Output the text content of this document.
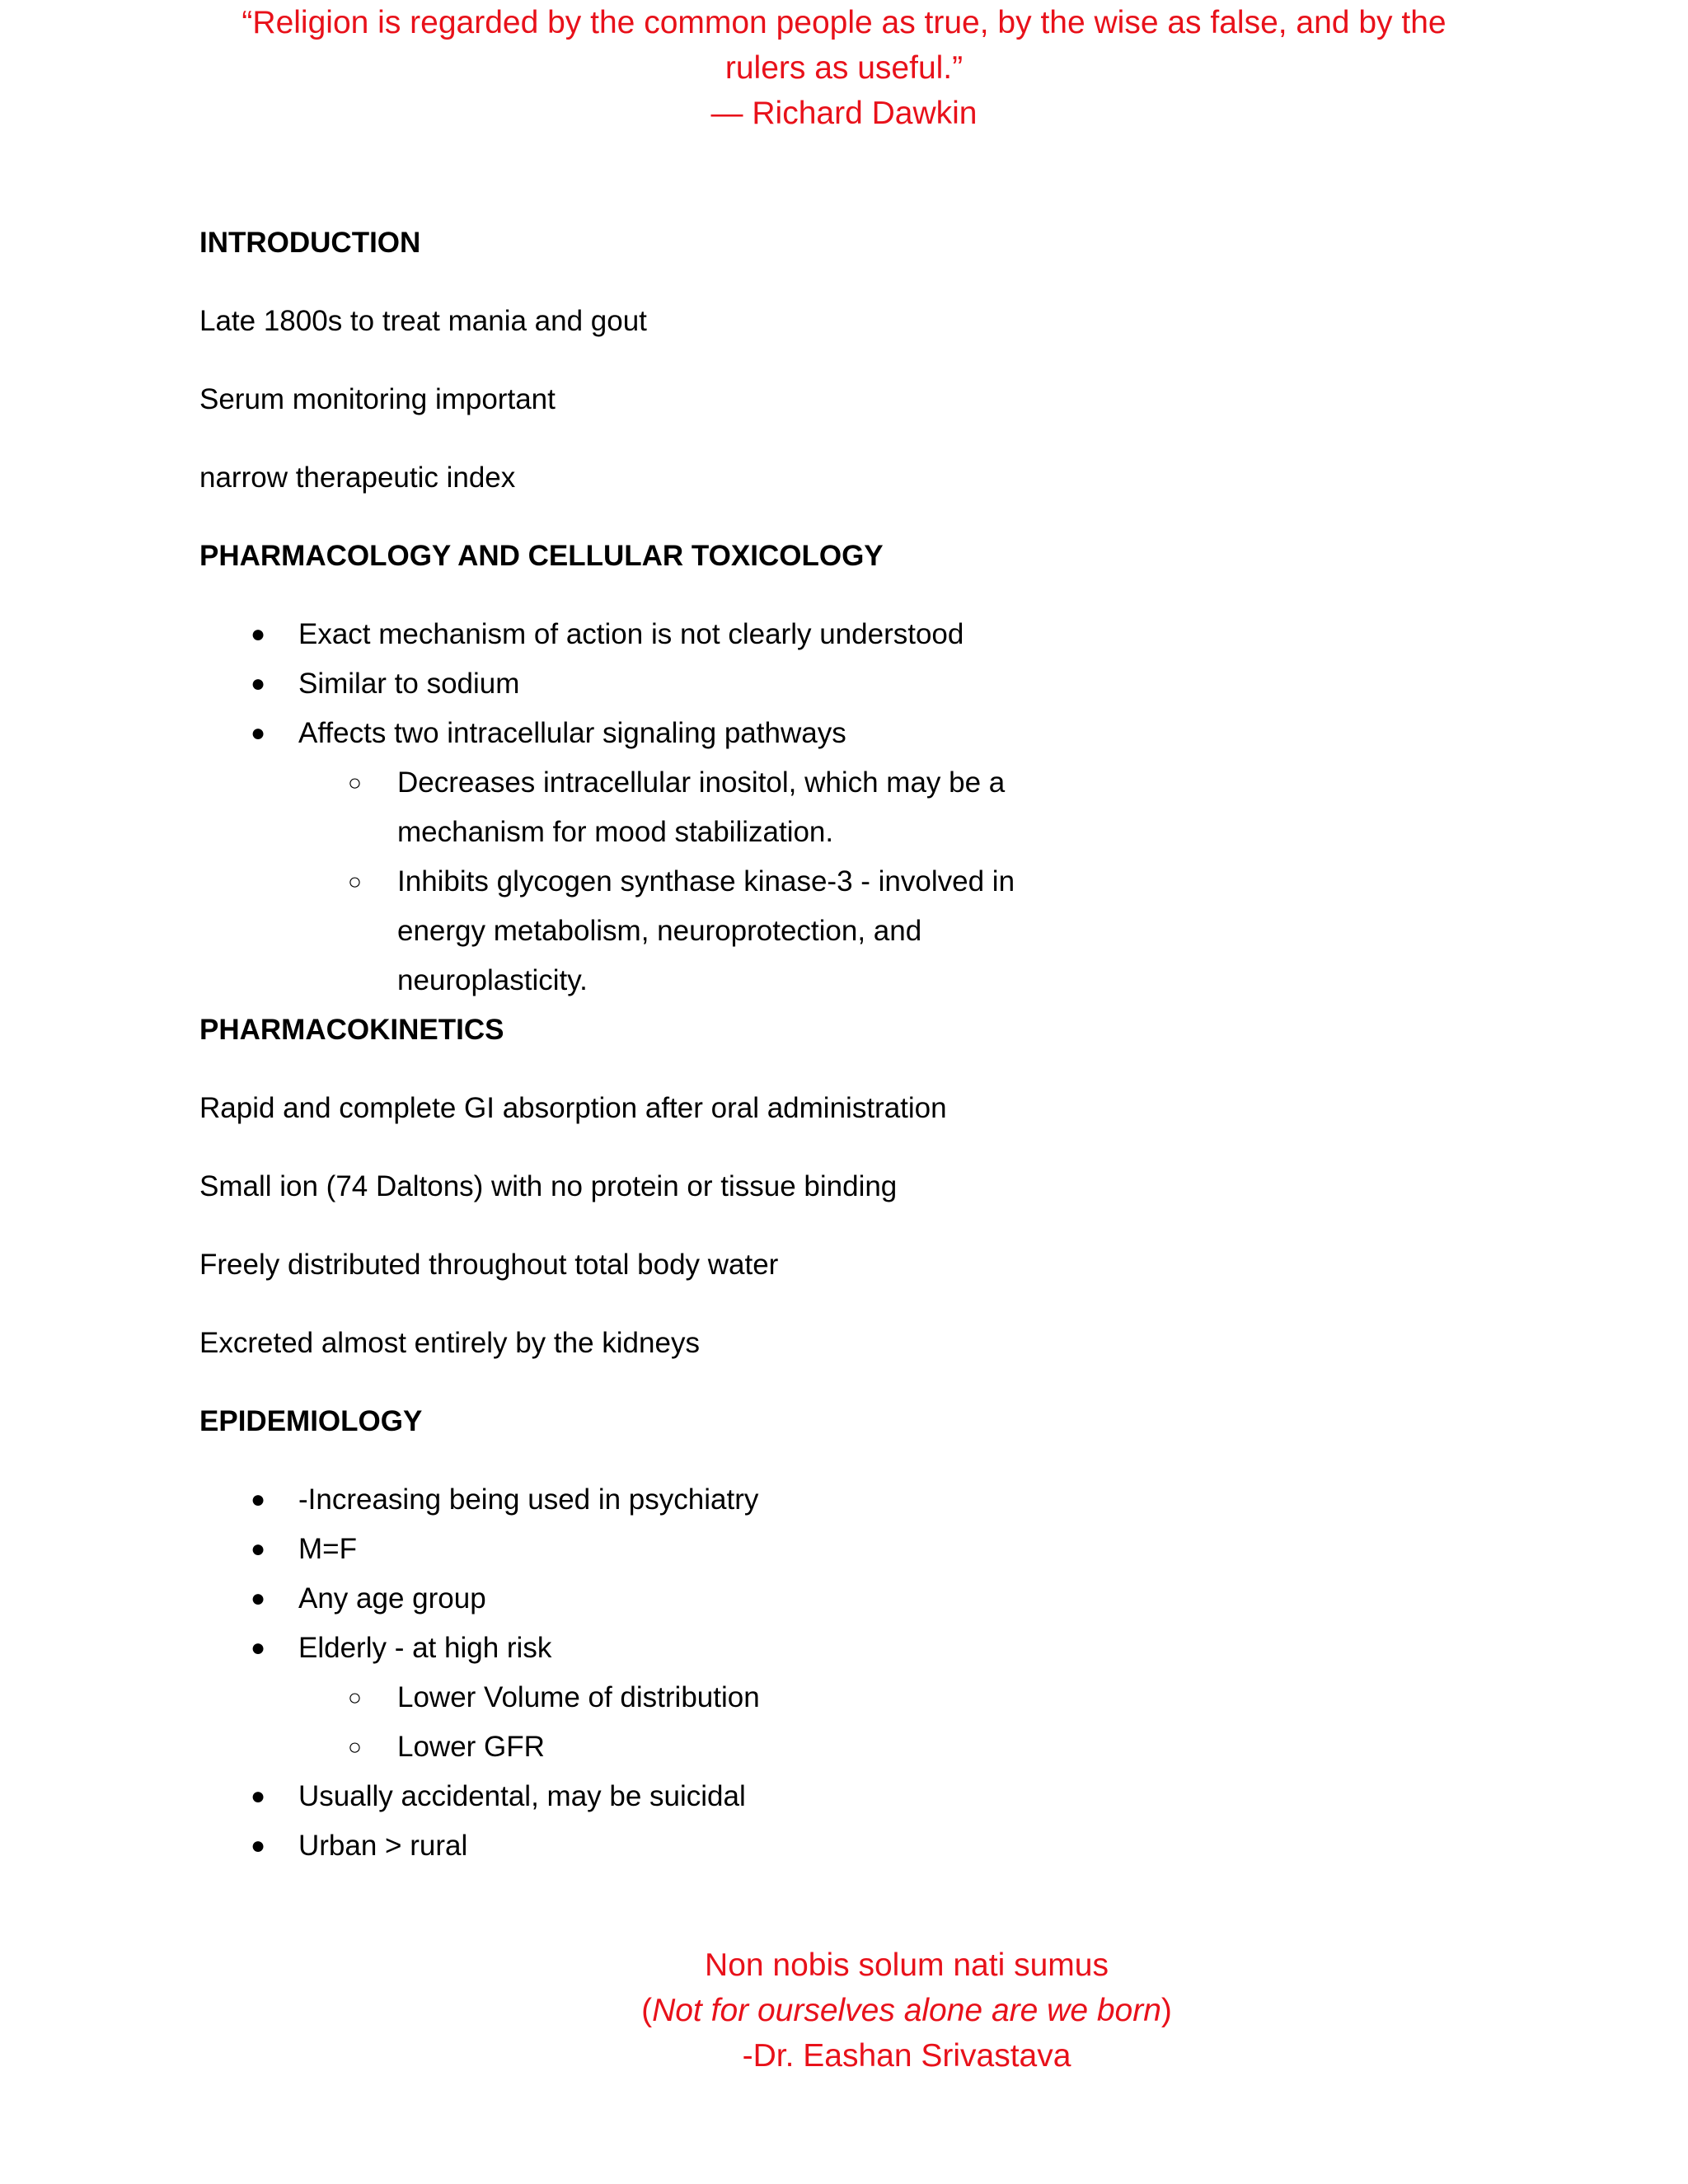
“Religion is regarded by the common people as true, by the wise as false, and by the
rulers as useful.”
— Richard Dawkin
INTRODUCTION
Late 1800s to treat mania and gout
Serum monitoring important
narrow therapeutic index
PHARMACOLOGY AND CELLULAR TOXICOLOGY
● Exact mechanism of action is not clearly understood
● Similar to sodium
● Affects two intracellular signaling pathways
○ Decreases intracellular inositol, which may be a mechanism for mood stabilization.
○ Inhibits glycogen synthase kinase-3 - involved in energy metabolism, neuroprotection, and neuroplasticity.
PHARMACOKINETICS
Rapid and complete GI absorption after oral administration
Small ion (74 Daltons) with no protein or tissue binding
Freely distributed throughout total body water
Excreted almost entirely by the kidneys
EPIDEMIOLOGY
● -Increasing being used in psychiatry
● M=F
● Any age group
● Elderly - at high risk
○ Lower Volume of distribution
○ Lower GFR
● Usually accidental, may be suicidal
● Urban > rural
Non nobis solum nati sumus
(Not for ourselves alone are we born)
-Dr. Eashan Srivastava
